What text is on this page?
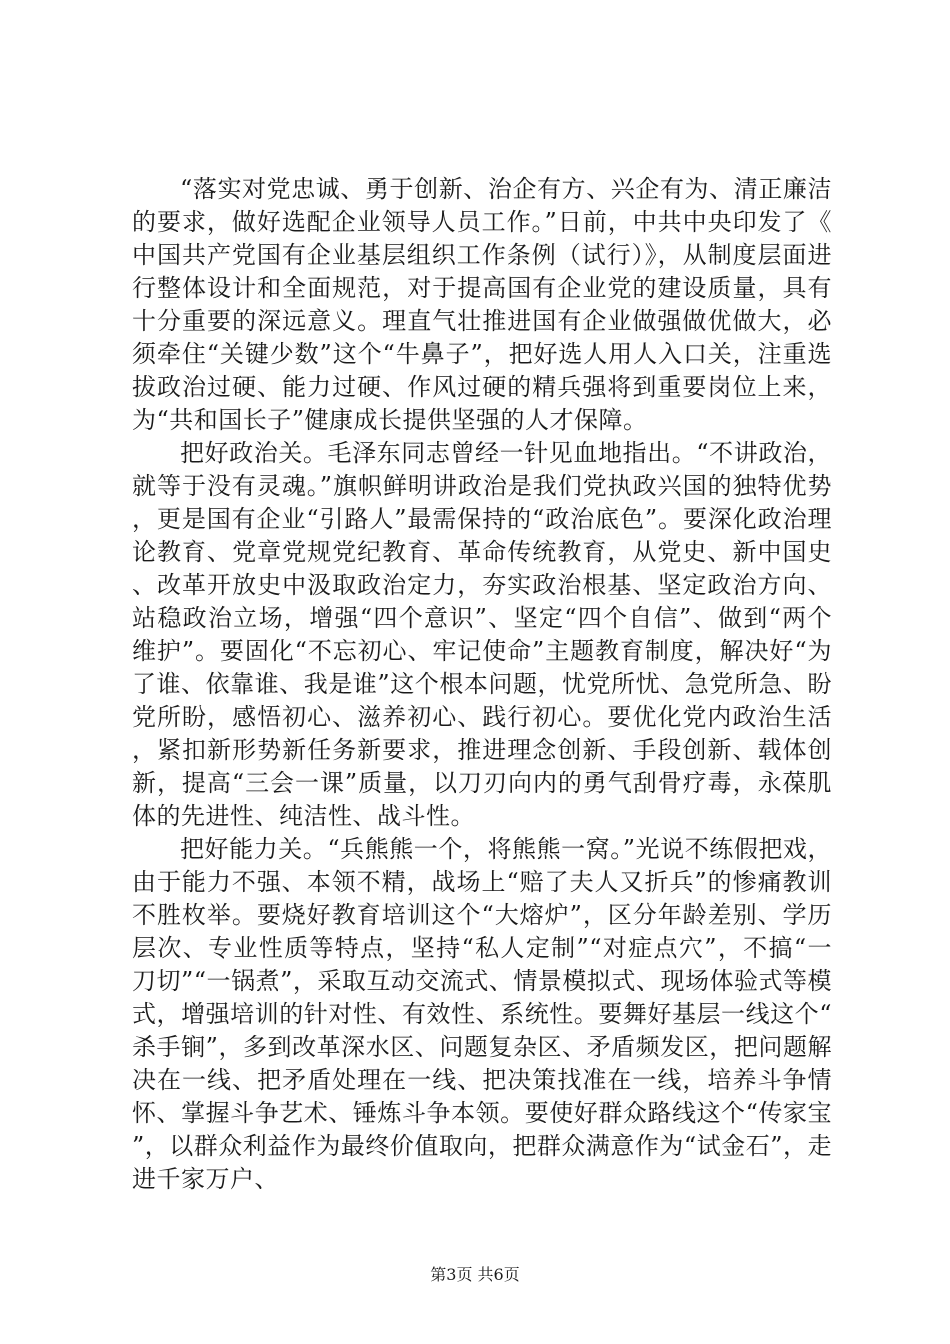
“落实对党忠诚、勇于创新、治企有方、兴企有为、清正廉洁的要求，做好选配企业领导人员工作。”日前，中共中央印发了《中国共产党国有企业基层组织工作条例（试行）》，从制度层面进行整体设计和全面规范，对于提高国有企业党的建设质量，具有十分重要的深远意义。理直气壮推进国有企业做强做优做大，必须牵住“关键少数”这个“牛鼻子”，把好选人用人入口关，注重选拔政治过硬、能力过硬、作风过硬的精兵强将到重要岗位上来，为“共和国长子”健康成长提供坚强的人才保障。

把好政治关。毛泽东同志曾经一针见血地指出。“不讲政治，就等于没有灵魂。”旗帜鲜明讲政治是我们党执政兴国的独特优势，更是国有企业“引路人”最需保持的“政治底色”。要深化政治理论教育、党章党规党纪教育、革命传统教育，从党史、新中国史、改革开放史中汲取政治定力，夯实政治根基、坚定政治方向、站稳政治立场，增强“四个意识”、坚定“四个自信”、做到“两个维护”。要固化“不忘初心、牢记使命”主题教育制度，解决好“为了谁、依靠谁、我是谁”这个根本问题，忧党所忧、急党所急、盼党所盼，感悟初心、滋养初心、践行初心。要优化党内政治生活，紧扣新形势新任务新要求，推进理念创新、手段创新、载体创新，提高“三会一课”质量，以刀刃向内的勇气刮骨疗毒，永葆肌体的先进性、纯洁性、战斗性。

把好能力关。“兵熊熊一个，将熊熊一窝。”光说不练假把戏，由于能力不强、本领不精，战场上“赔了夫人又折兵”的惨痛教训不胜枚举。要烧好教育培训这个“大熔炉”，区分年龄差别、学历层次、专业性质等特点，坚持“私人定制”“对症点穴”，不搞“一刀切”“一锅煮”，采取互动交流式、情景模拟式、现场体验式等模式，增强培训的针对性、有效性、系统性。要舞好基层一线这个“杀手锏”，多到改革深水区、问题复杂区、矛盾频发区，把问题解决在一线、把矛盾处理在一线、把决策找准在一线，培养斗争情怀、掌握斗争艺术、锤炼斗争本领。要使好群众路线这个“传家宝”，以群众利益作为最终价值取向，把群众满意作为“试金石”，走进千家万户、

第3页 共6页
